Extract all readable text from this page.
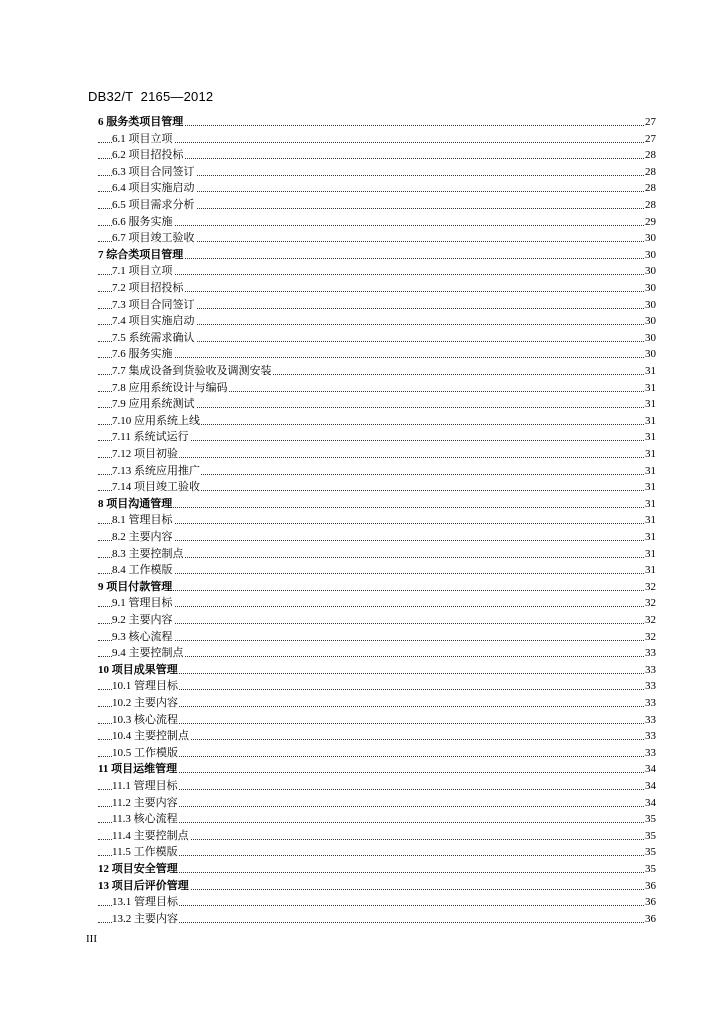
DB32/T  2165—2012
6 服务类项目管理	27
6.1 项目立项	27
6.2 项目招投标	28
6.3 项目合同签订	28
6.4 项目实施启动	28
6.5 项目需求分析	28
6.6 服务实施	29
6.7 项目竣工验收	30
7 综合类项目管理	30
7.1 项目立项	30
7.2 项目招投标	30
7.3 项目合同签订	30
7.4 项目实施启动	30
7.5 系统需求确认	30
7.6 服务实施	30
7.7 集成设备到货验收及调测安装	31
7.8 应用系统设计与编码	31
7.9 应用系统测试	31
7.10 应用系统上线	31
7.11 系统试运行	31
7.12 项目初验	31
7.13 系统应用推广	31
7.14 项目竣工验收	31
8 项目沟通管理	31
8.1 管理目标	31
8.2 主要内容	31
8.3 主要控制点	31
8.4 工作模版	31
9 项目付款管理	32
9.1 管理目标	32
9.2 主要内容	32
9.3 核心流程	32
9.4 主要控制点	33
10 项目成果管理	33
10.1 管理目标	33
10.2 主要内容	33
10.3 核心流程	33
10.4 主要控制点	33
10.5 工作模版	33
11 项目运维管理	34
11.1 管理目标	34
11.2 主要内容	34
11.3 核心流程	35
11.4 主要控制点	35
11.5 工作模版	35
12 项目安全管理	35
13 项目后评价管理	36
13.1 管理目标	36
13.2 主要内容	36
III
